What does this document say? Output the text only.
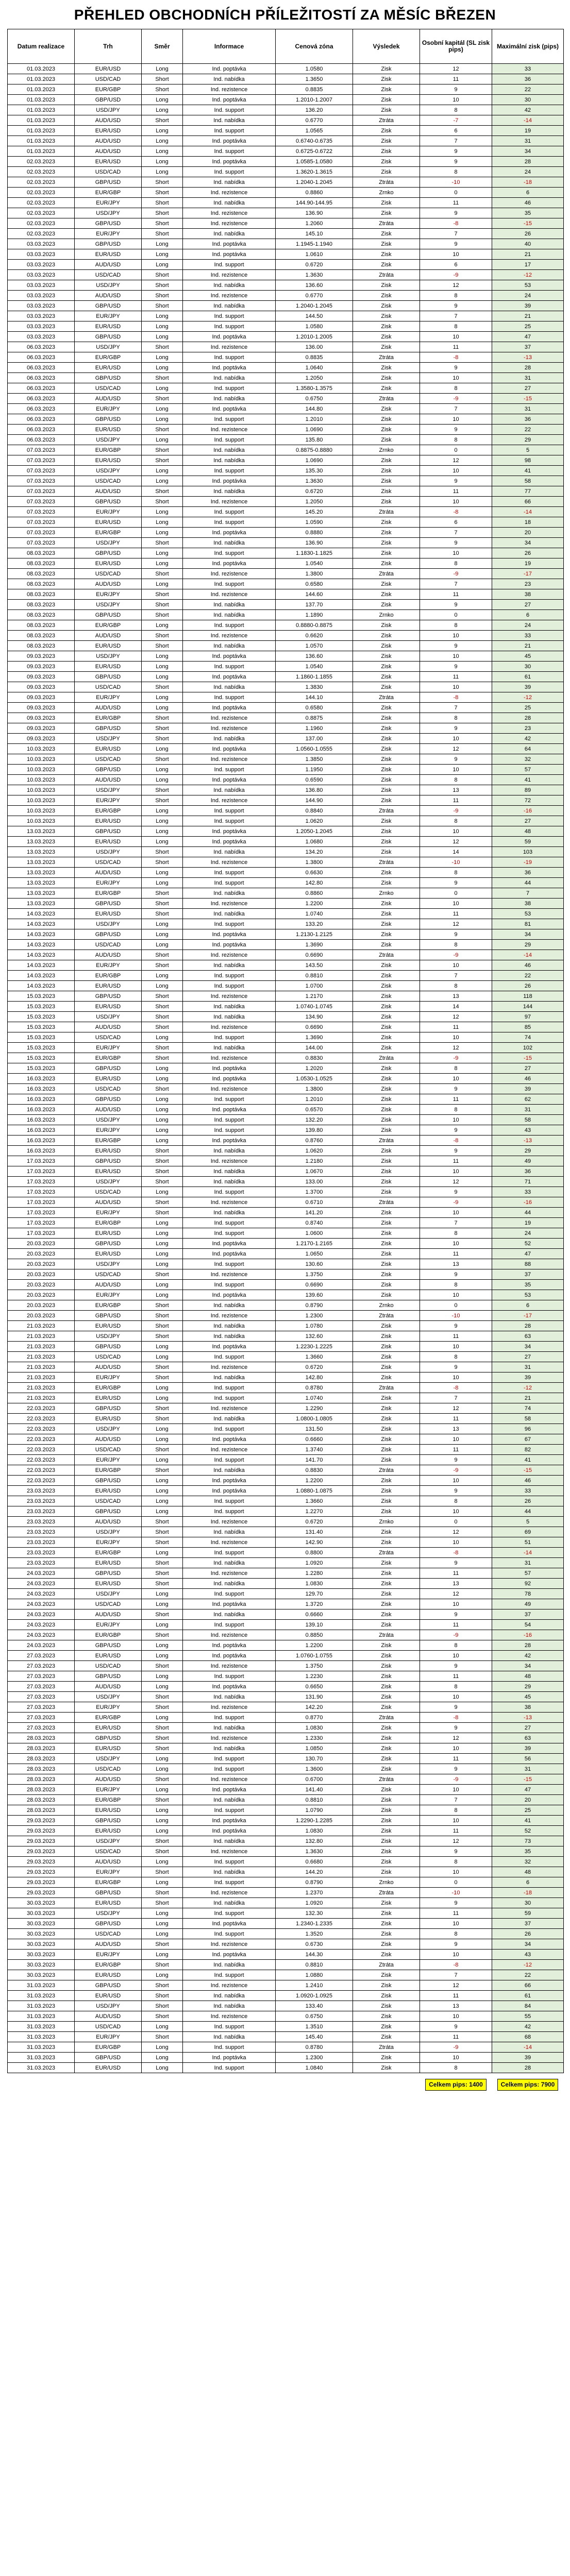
PŘEHLED OBCHODNÍCH PŘÍLEŽITOSTÍ ZA MĚSÍC BŘEZEN
Datum realizace	Trh	Směr	Informace	Cenová zóna	Výsledek	Osobní kapitál (SL zisk pips)	Maximální zisk (pips)
01.03.2023	EUR/USD	Long	Ind. poptávka	1.0580	Zisk	12	33
01.03.2023	USD/CAD	Short	Ind. nabídka	1.3650	Zisk	11	36
01.03.2023	EUR/GBP	Short	Ind. rezistence	0.8835	Zisk	9	22
01.03.2023	GBP/USD	Long	Ind. poptávka	1.2010-1.2007	Zisk	10	30
01.03.2023	USD/JPY	Long	Ind. support	136.20	Zisk	8	42
01.03.2023	AUD/USD	Short	Ind. nabídka	0.6770	Ztráta	-7	-14
01.03.2023	EUR/USD	Long	Ind. support	1.0565	Zisk	6	19
01.03.2023	AUD/USD	Long	Ind. poptávka	0.6740-0.6735	Zisk	7	31
01.03.2023	AUD/USD	Long	Ind. support	0.6725-0.6722	Zisk	9	34
02.03.2023	EUR/USD	Long	Ind. poptávka	1.0585-1.0580	Zisk	9	28
02.03.2023	USD/CAD	Long	Ind. support	1.3620-1.3615	Zisk	8	24
02.03.2023	GBP/USD	Short	Ind. nabídka	1.2040-1.2045	Ztráta	-10	-18
02.03.2023	EUR/GBP	Short	Ind. rezistence	0.8860	Zrnko	0	6
02.03.2023	EUR/JPY	Short	Ind. nabídka	144.90-144.95	Zisk	11	46
02.03.2023	USD/JPY	Short	Ind. rezistence	136.90	Zisk	9	35
02.03.2023	GBP/USD	Short	Ind. rezistence	1.2060	Ztráta	-8	-15
02.03.2023	EUR/JPY	Short	Ind. nabídka	145.10	Zisk	7	26
03.03.2023	GBP/USD	Long	Ind. poptávka	1.1945-1.1940	Zisk	9	40
03.03.2023	EUR/USD	Long	Ind. poptávka	1.0610	Zisk	10	21
03.03.2023	AUD/USD	Long	Ind. support	0.6720	Zisk	6	17
03.03.2023	USD/CAD	Short	Ind. rezistence	1.3630	Ztráta	-9	-12
03.03.2023	USD/JPY	Short	Ind. nabídka	136.60	Zisk	12	53
03.03.2023	AUD/USD	Short	Ind. rezistence	0.6770	Zisk	8	24
03.03.2023	GBP/USD	Short	Ind. nabídka	1.2040-1.2045	Zisk	9	39
03.03.2023	EUR/JPY	Long	Ind. support	144.50	Zisk	7	21
03.03.2023	EUR/USD	Long	Ind. support	1.0580	Zisk	8	25
03.03.2023	GBP/USD	Long	Ind. poptávka	1.2010-1.2005	Zisk	10	47
06.03.2023	USD/JPY	Short	Ind. rezistence	136.00	Zisk	11	37
06.03.2023	EUR/GBP	Long	Ind. support	0.8835	Ztráta	-8	-13
06.03.2023	EUR/USD	Long	Ind. poptávka	1.0640	Zisk	9	28
06.03.2023	GBP/USD	Short	Ind. nabídka	1.2050	Zisk	10	31
06.03.2023	USD/CAD	Long	Ind. support	1.3580-1.3575	Zisk	8	27
06.03.2023	AUD/USD	Short	Ind. nabídka	0.6750	Ztráta	-9	-15
06.03.2023	EUR/JPY	Long	Ind. poptávka	144.80	Zisk	7	31
06.03.2023	GBP/USD	Long	Ind. support	1.2010	Zisk	10	36
06.03.2023	EUR/USD	Short	Ind. rezistence	1.0690	Zisk	9	22
06.03.2023	USD/JPY	Long	Ind. support	135.80	Zisk	8	29
07.03.2023	EUR/GBP	Short	Ind. nabídka	0.8875-0.8880	Zrnko	0	5
07.03.2023	EUR/USD	Short	Ind. nabídka	1.0690	Zisk	12	98
07.03.2023	USD/JPY	Long	Ind. support	135.30	Zisk	10	41
07.03.2023	USD/CAD	Long	Ind. poptávka	1.3630	Zisk	9	58
07.03.2023	AUD/USD	Short	Ind. nabídka	0.6720	Zisk	11	77
07.03.2023	GBP/USD	Short	Ind. rezistence	1.2050	Zisk	10	66
07.03.2023	EUR/JPY	Long	Ind. support	145.20	Ztráta	-8	-14
07.03.2023	EUR/USD	Long	Ind. support	1.0590	Zisk	6	18
07.03.2023	EUR/GBP	Long	Ind. poptávka	0.8880	Zisk	7	20
07.03.2023	USD/JPY	Short	Ind. nabídka	136.90	Zisk	9	34
08.03.2023	GBP/USD	Long	Ind. support	1.1830-1.1825	Zisk	10	26
08.03.2023	EUR/USD	Long	Ind. poptávka	1.0540	Zisk	8	19
08.03.2023	USD/CAD	Short	Ind. rezistence	1.3800	Ztráta	-9	-17
08.03.2023	AUD/USD	Long	Ind. support	0.6580	Zisk	7	23
08.03.2023	EUR/JPY	Short	Ind. rezistence	144.60	Zisk	11	38
08.03.2023	USD/JPY	Short	Ind. nabídka	137.70	Zisk	9	27
08.03.2023	GBP/USD	Short	Ind. nabídka	1.1890	Zrnko	0	6
08.03.2023	EUR/GBP	Long	Ind. support	0.8880-0.8875	Zisk	8	24
08.03.2023	AUD/USD	Short	Ind. rezistence	0.6620	Zisk	10	33
08.03.2023	EUR/USD	Short	Ind. nabídka	1.0570	Zisk	9	21
09.03.2023	USD/JPY	Long	Ind. poptávka	136.60	Zisk	10	45
09.03.2023	EUR/USD	Long	Ind. support	1.0540	Zisk	9	30
09.03.2023	GBP/USD	Long	Ind. poptávka	1.1860-1.1855	Zisk	11	61
09.03.2023	USD/CAD	Short	Ind. nabídka	1.3830	Zisk	10	39
09.03.2023	EUR/JPY	Long	Ind. support	144.10	Ztráta	-8	-12
09.03.2023	AUD/USD	Long	Ind. poptávka	0.6580	Zisk	7	25
09.03.2023	EUR/GBP	Short	Ind. rezistence	0.8875	Zisk	8	28
09.03.2023	GBP/USD	Short	Ind. rezistence	1.1960	Zisk	9	23
09.03.2023	USD/JPY	Short	Ind. nabídka	137.00	Zisk	10	42
10.03.2023	EUR/USD	Long	Ind. poptávka	1.0560-1.0555	Zisk	12	64
10.03.2023	USD/CAD	Short	Ind. rezistence	1.3850	Zisk	9	32
10.03.2023	GBP/USD	Long	Ind. support	1.1950	Zisk	10	57
10.03.2023	AUD/USD	Long	Ind. poptávka	0.6590	Zisk	8	41
10.03.2023	USD/JPY	Short	Ind. nabídka	136.80	Zisk	13	89
10.03.2023	EUR/JPY	Short	Ind. rezistence	144.90	Zisk	11	72
10.03.2023	EUR/GBP	Long	Ind. support	0.8840	Ztráta	-9	-16
10.03.2023	EUR/USD	Long	Ind. support	1.0620	Zisk	8	27
13.03.2023	GBP/USD	Long	Ind. poptávka	1.2050-1.2045	Zisk	10	48
13.03.2023	EUR/USD	Long	Ind. poptávka	1.0680	Zisk	12	59
13.03.2023	USD/JPY	Short	Ind. nabídka	134.20	Zisk	14	103
13.03.2023	USD/CAD	Short	Ind. rezistence	1.3800	Ztráta	-10	-19
13.03.2023	AUD/USD	Long	Ind. support	0.6630	Zisk	8	36
13.03.2023	EUR/JPY	Long	Ind. support	142.80	Zisk	9	44
13.03.2023	EUR/GBP	Short	Ind. nabídka	0.8860	Zrnko	0	7
13.03.2023	GBP/USD	Short	Ind. rezistence	1.2200	Zisk	10	38
14.03.2023	EUR/USD	Short	Ind. nabídka	1.0740	Zisk	11	53
14.03.2023	USD/JPY	Long	Ind. support	133.20	Zisk	12	81
14.03.2023	GBP/USD	Long	Ind. poptávka	1.2130-1.2125	Zisk	9	34
14.03.2023	USD/CAD	Long	Ind. poptávka	1.3690	Zisk	8	29
14.03.2023	AUD/USD	Short	Ind. rezistence	0.6690	Ztráta	-9	-14
14.03.2023	EUR/JPY	Short	Ind. nabídka	143.50	Zisk	10	46
14.03.2023	EUR/GBP	Long	Ind. support	0.8810	Zisk	7	22
14.03.2023	EUR/USD	Long	Ind. support	1.0700	Zisk	8	26
15.03.2023	GBP/USD	Short	Ind. rezistence	1.2170	Zisk	13	118
15.03.2023	EUR/USD	Short	Ind. nabídka	1.0740-1.0745	Zisk	14	144
15.03.2023	USD/JPY	Short	Ind. nabídka	134.90	Zisk	12	97
15.03.2023	AUD/USD	Short	Ind. rezistence	0.6690	Zisk	11	85
15.03.2023	USD/CAD	Long	Ind. support	1.3690	Zisk	10	74
15.03.2023	EUR/JPY	Short	Ind. nabídka	144.00	Zisk	12	102
15.03.2023	EUR/GBP	Short	Ind. rezistence	0.8830	Ztráta	-9	-15
15.03.2023	GBP/USD	Long	Ind. poptávka	1.2020	Zisk	8	27
16.03.2023	EUR/USD	Long	Ind. poptávka	1.0530-1.0525	Zisk	10	46
16.03.2023	USD/CAD	Short	Ind. rezistence	1.3800	Zisk	9	39
16.03.2023	GBP/USD	Long	Ind. support	1.2010	Zisk	11	62
16.03.2023	AUD/USD	Long	Ind. poptávka	0.6570	Zisk	8	31
16.03.2023	USD/JPY	Long	Ind. support	132.20	Zisk	10	58
16.03.2023	EUR/JPY	Long	Ind. support	139.80	Zisk	9	43
16.03.2023	EUR/GBP	Long	Ind. poptávka	0.8760	Ztráta	-8	-13
16.03.2023	EUR/USD	Short	Ind. nabídka	1.0620	Zisk	9	29
17.03.2023	GBP/USD	Short	Ind. rezistence	1.2180	Zisk	11	49
17.03.2023	EUR/USD	Short	Ind. nabídka	1.0670	Zisk	10	36
17.03.2023	USD/JPY	Short	Ind. nabídka	133.00	Zisk	12	71
17.03.2023	USD/CAD	Long	Ind. support	1.3700	Zisk	9	33
17.03.2023	AUD/USD	Short	Ind. rezistence	0.6710	Ztráta	-9	-16
17.03.2023	EUR/JPY	Short	Ind. nabídka	141.20	Zisk	10	44
17.03.2023	EUR/GBP	Long	Ind. support	0.8740	Zisk	7	19
17.03.2023	EUR/USD	Long	Ind. support	1.0600	Zisk	8	24
20.03.2023	GBP/USD	Long	Ind. poptávka	1.2170-1.2165	Zisk	10	52
20.03.2023	EUR/USD	Long	Ind. poptávka	1.0650	Zisk	11	47
20.03.2023	USD/JPY	Long	Ind. support	130.60	Zisk	13	88
20.03.2023	USD/CAD	Short	Ind. rezistence	1.3750	Zisk	9	37
20.03.2023	AUD/USD	Long	Ind. support	0.6690	Zisk	8	35
20.03.2023	EUR/JPY	Long	Ind. poptávka	139.60	Zisk	10	53
20.03.2023	EUR/GBP	Short	Ind. nabídka	0.8790	Zrnko	0	6
20.03.2023	GBP/USD	Short	Ind. rezistence	1.2300	Ztráta	-10	-17
21.03.2023	EUR/USD	Short	Ind. nabídka	1.0780	Zisk	9	28
21.03.2023	USD/JPY	Short	Ind. nabídka	132.60	Zisk	11	63
21.03.2023	GBP/USD	Long	Ind. poptávka	1.2230-1.2225	Zisk	10	34
21.03.2023	USD/CAD	Long	Ind. support	1.3660	Zisk	8	27
21.03.2023	AUD/USD	Short	Ind. rezistence	0.6720	Zisk	9	31
21.03.2023	EUR/JPY	Short	Ind. nabídka	142.80	Zisk	10	39
21.03.2023	EUR/GBP	Long	Ind. support	0.8780	Ztráta	-8	-12
21.03.2023	EUR/USD	Long	Ind. support	1.0740	Zisk	7	21
22.03.2023	GBP/USD	Short	Ind. rezistence	1.2290	Zisk	12	74
22.03.2023	EUR/USD	Short	Ind. nabídka	1.0800-1.0805	Zisk	11	58
22.03.2023	USD/JPY	Long	Ind. support	131.50	Zisk	13	96
22.03.2023	AUD/USD	Long	Ind. poptávka	0.6660	Zisk	10	67
22.03.2023	USD/CAD	Short	Ind. rezistence	1.3740	Zisk	11	82
22.03.2023	EUR/JPY	Long	Ind. support	141.70	Zisk	9	41
22.03.2023	EUR/GBP	Short	Ind. nabídka	0.8830	Ztráta	-9	-15
22.03.2023	GBP/USD	Long	Ind. poptávka	1.2200	Zisk	10	46
23.03.2023	EUR/USD	Long	Ind. poptávka	1.0880-1.0875	Zisk	9	33
23.03.2023	USD/CAD	Long	Ind. support	1.3660	Zisk	8	26
23.03.2023	GBP/USD	Long	Ind. support	1.2270	Zisk	10	44
23.03.2023	AUD/USD	Short	Ind. rezistence	0.6720	Zrnko	0	5
23.03.2023	USD/JPY	Short	Ind. nabídka	131.40	Zisk	12	69
23.03.2023	EUR/JPY	Short	Ind. rezistence	142.90	Zisk	10	51
23.03.2023	EUR/GBP	Long	Ind. support	0.8800	Ztráta	-8	-14
23.03.2023	EUR/USD	Short	Ind. nabídka	1.0920	Zisk	9	31
24.03.2023	GBP/USD	Short	Ind. rezistence	1.2280	Zisk	11	57
24.03.2023	EUR/USD	Short	Ind. nabídka	1.0830	Zisk	13	92
24.03.2023	USD/JPY	Long	Ind. support	129.70	Zisk	12	78
24.03.2023	USD/CAD	Long	Ind. poptávka	1.3720	Zisk	10	49
24.03.2023	AUD/USD	Short	Ind. nabídka	0.6660	Zisk	9	37
24.03.2023	EUR/JPY	Long	Ind. support	139.10	Zisk	11	54
24.03.2023	EUR/GBP	Short	Ind. rezistence	0.8850	Ztráta	-9	-16
24.03.2023	GBP/USD	Long	Ind. poptávka	1.2200	Zisk	8	28
27.03.2023	EUR/USD	Long	Ind. poptávka	1.0760-1.0755	Zisk	10	42
27.03.2023	USD/CAD	Short	Ind. rezistence	1.3750	Zisk	9	34
27.03.2023	GBP/USD	Long	Ind. support	1.2230	Zisk	11	48
27.03.2023	AUD/USD	Long	Ind. poptávka	0.6650	Zisk	8	29
27.03.2023	USD/JPY	Short	Ind. nabídka	131.90	Zisk	10	45
27.03.2023	EUR/JPY	Short	Ind. rezistence	142.20	Zisk	9	38
27.03.2023	EUR/GBP	Long	Ind. support	0.8770	Ztráta	-8	-13
27.03.2023	EUR/USD	Short	Ind. nabídka	1.0830	Zisk	9	27
28.03.2023	GBP/USD	Short	Ind. rezistence	1.2330	Zisk	12	63
28.03.2023	EUR/USD	Short	Ind. nabídka	1.0850	Zisk	10	39
28.03.2023	USD/JPY	Long	Ind. support	130.70	Zisk	11	56
28.03.2023	USD/CAD	Long	Ind. support	1.3600	Zisk	9	31
28.03.2023	AUD/USD	Short	Ind. rezistence	0.6700	Ztráta	-9	-15
28.03.2023	EUR/JPY	Long	Ind. poptávka	141.40	Zisk	10	47
28.03.2023	EUR/GBP	Short	Ind. nabídka	0.8810	Zisk	7	20
28.03.2023	EUR/USD	Long	Ind. support	1.0790	Zisk	8	25
29.03.2023	GBP/USD	Long	Ind. poptávka	1.2290-1.2285	Zisk	10	41
29.03.2023	EUR/USD	Long	Ind. poptávka	1.0830	Zisk	11	52
29.03.2023	USD/JPY	Short	Ind. nabídka	132.80	Zisk	12	73
29.03.2023	USD/CAD	Short	Ind. rezistence	1.3630	Zisk	9	35
29.03.2023	AUD/USD	Long	Ind. support	0.6680	Zisk	8	32
29.03.2023	EUR/JPY	Short	Ind. nabídka	144.20	Zisk	10	48
29.03.2023	EUR/GBP	Long	Ind. support	0.8790	Zrnko	0	6
29.03.2023	GBP/USD	Short	Ind. rezistence	1.2370	Ztráta	-10	-18
30.03.2023	EUR/USD	Short	Ind. nabídka	1.0920	Zisk	9	30
30.03.2023	USD/JPY	Long	Ind. support	132.30	Zisk	11	59
30.03.2023	GBP/USD	Long	Ind. poptávka	1.2340-1.2335	Zisk	10	37
30.03.2023	USD/CAD	Long	Ind. support	1.3520	Zisk	8	26
30.03.2023	AUD/USD	Short	Ind. rezistence	0.6730	Zisk	9	34
30.03.2023	EUR/JPY	Long	Ind. poptávka	144.30	Zisk	10	43
30.03.2023	EUR/GBP	Short	Ind. nabídka	0.8810	Ztráta	-8	-12
30.03.2023	EUR/USD	Long	Ind. support	1.0880	Zisk	7	22
31.03.2023	GBP/USD	Short	Ind. rezistence	1.2410	Zisk	12	66
31.03.2023	EUR/USD	Short	Ind. nabídka	1.0920-1.0925	Zisk	11	61
31.03.2023	USD/JPY	Short	Ind. nabídka	133.40	Zisk	13	84
31.03.2023	AUD/USD	Short	Ind. rezistence	0.6750	Zisk	10	55
31.03.2023	USD/CAD	Long	Ind. support	1.3510	Zisk	9	42
31.03.2023	EUR/JPY	Short	Ind. nabídka	145.40	Zisk	11	68
31.03.2023	EUR/GBP	Long	Ind. support	0.8780	Ztráta	-9	-14
31.03.2023	GBP/USD	Long	Ind. poptávka	1.2300	Zisk	10	39
31.03.2023	EUR/USD	Long	Ind. support	1.0840	Zisk	8	28
						Celkem pips: 1400	Celkem pips: 7900
